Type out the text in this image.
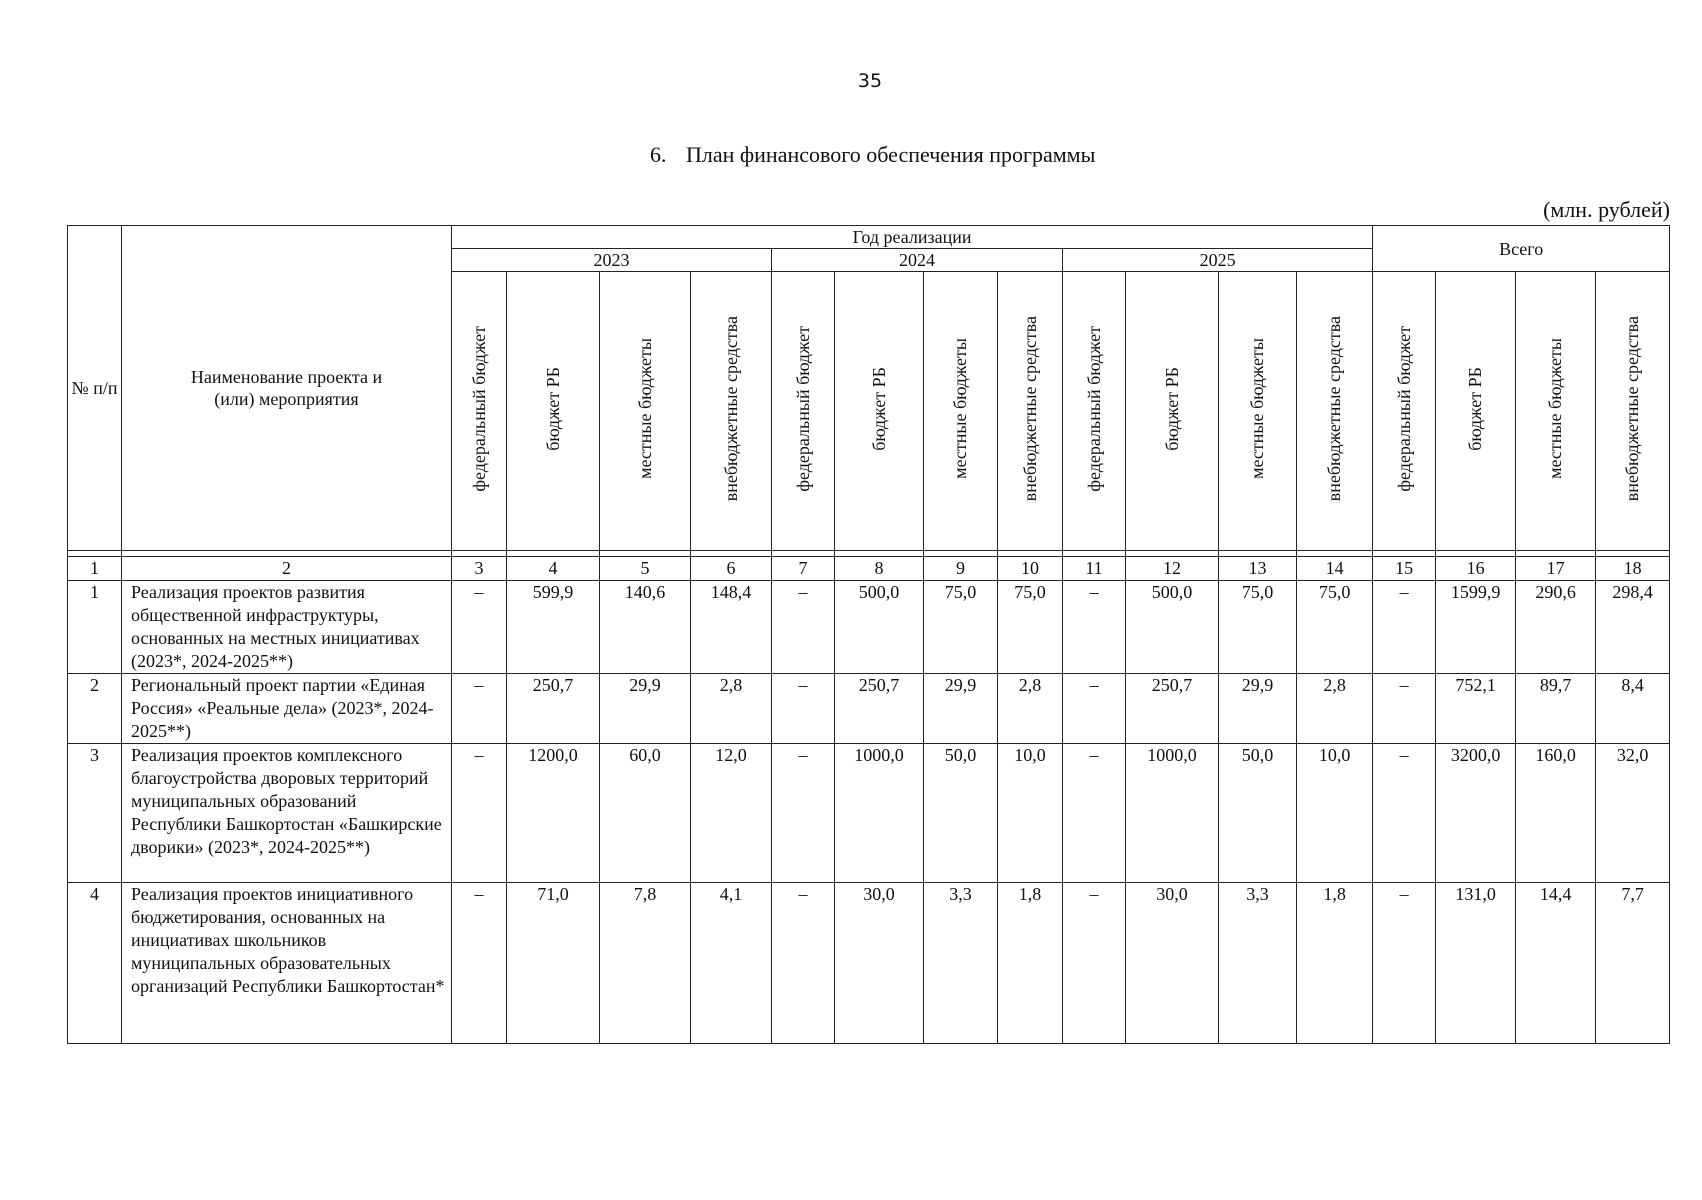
35
6. План финансового обеспечения программы
(млн. рублей)
№ п/п	Наименование проекта и (или) мероприятия	Год реализации												Всего			
		2023				2024				2025							
		федеральный бюджет	бюджет РБ	местные бюджеты	внебюджетные средства	федеральный бюджет	бюджет РБ	местные бюджеты	внебюджетные средства	федеральный бюджет	бюджет РБ	местные бюджеты	внебюджетные средства	федеральный бюджет	бюджет РБ	местные бюджеты	внебюджетные средства

1	2	3	4	5	6	7	8	9	10	11	12	13	14	15	16	17	18
1	Реализация проектов развития общественной инфраструктуры, основанных на местных инициативах (2023*, 2024-2025**)	–	599,9	140,6	148,4	–	500,0	75,0	75,0	–	500,0	75,0	75,0	–	1599,9	290,6	298,4
2	Региональный проект партии «Единая Россия» «Реальные дела» (2023*, 2024-2025**)	–	250,7	29,9	2,8	–	250,7	29,9	2,8	–	250,7	29,9	2,8	–	752,1	89,7	8,4
3	Реализация проектов комплексного благоустройства дворовых территорий муниципальных образований Республики Башкортостан «Башкирские дворики» (2023*, 2024-2025**)	–	1200,0	60,0	12,0	–	1000,0	50,0	10,0	–	1000,0	50,0	10,0	–	3200,0	160,0	32,0
4	Реализация проектов инициативного бюджетирования, основанных на инициативах школьников муниципальных образовательных организаций Республики Башкортостан*	–	71,0	7,8	4,1	–	30,0	3,3	1,8	–	30,0	3,3	1,8	–	131,0	14,4	7,7
